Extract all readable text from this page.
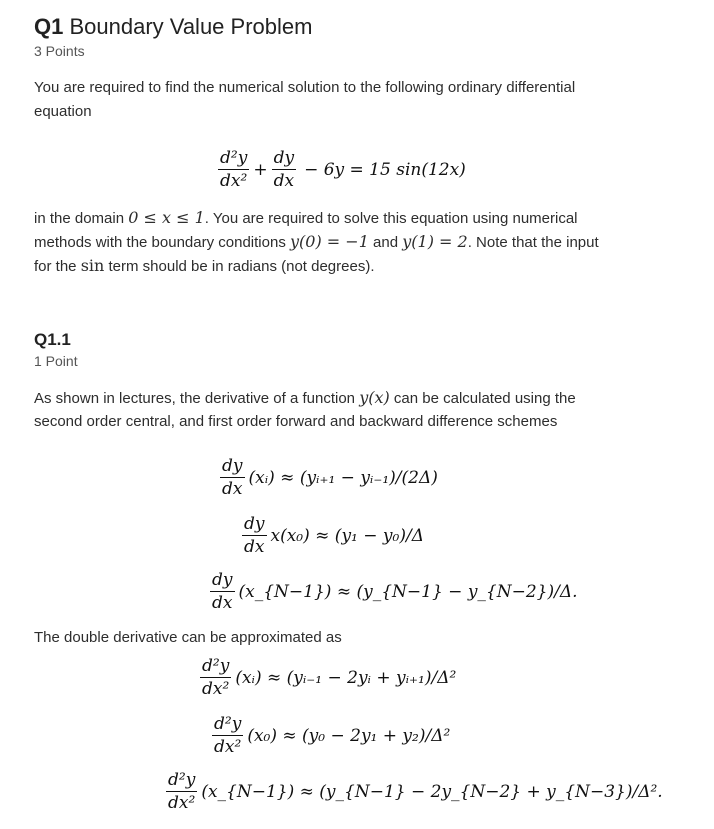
Q1 Boundary Value Problem
3 Points
You are required to find the numerical solution to the following ordinary differential
equation
$\frac{\text{d²y}}{\text{dx²}} + \frac{dy}{dx} - 6y = 15$ sin(12x)
in the domain 0 ≤ x ≤ 1. You are required to solve this equation using numerical
methods with the boundary conditions y(0) = −1 and y(1) = 2. Note that the input
for the sin term should be in radians (not degrees).
Q1.1
1 Point
As shown in lectures, the derivative of a function y(x) can be calculated using the
second order central, and first order forward and backward difference schemes
$\frac{dy}{dx}$ (xᵢ) ≈ (yᵢ₊₁ − yᵢ₋₁)/(2Δ)
$\frac{dy}{dx} x(x_0) \approx (y_1 - y_0)/\Delta$
$\frac{dy}{dx}$ (x_{N−1}) ≈ (y_{N−1} − y_{N−2})/Δ.
The double derivative can be approximated as
$\frac{\text{d²y}}{\text{dx²}}$ (xᵢ) ≈ (yᵢ₋₁ − 2yᵢ + yᵢ₊₁)/Δ²
$\frac{\text{d²y}}{\text{dx²}} (x_0) \approx (y_0 - 2y_1 + y_2)/\Delta^2$
$\frac{\text{d²y}}{\text{dx²}}$ (x_{N−1}) ≈ (y_{N−1} − 2y_{N−2} + y_{N−3})/Δ².
